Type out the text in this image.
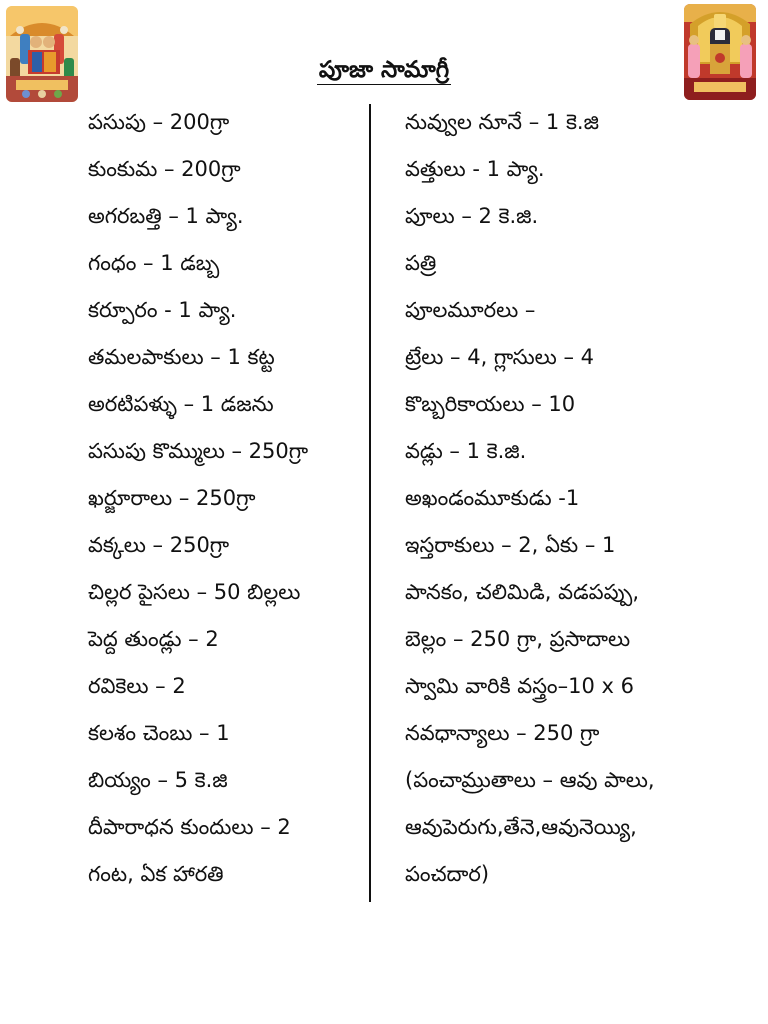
పూజా సామాగ్రీ
పసుపు – 200గ్రా
కుంకుమ – 200గ్రా
అగరబత్తి – 1 ప్యా.
గంధం – 1 డబ్బ
కర్పూరం - 1 ప్యా.
తమలపాకులు – 1 కట్ట
అరటిపళ్ళు – 1 డజను
పసుపు కొమ్ములు – 250గ్రా
ఖర్జూరాలు – 250గ్రా
వక్కలు – 250గ్రా
చిల్లర పైసలు – 50 బిల్లలు
పెద్ద తుండ్లు – 2
రవికెలు – 2
కలశం చెంబు – 1
బియ్యం – 5 కె.జి
దీపారాధన కుందులు – 2
గంట, ఏక హారతి
నువ్వుల నూనే – 1 కె.జి
వత్తులు - 1 ప్యా.
పూలు – 2 కె.జి.
పత్రి
పూలమూరలు –
ట్రేలు – 4, గ్లాసులు – 4
కొబ్బరికాయలు – 10
వడ్లు – 1 కె.జి.
అఖండంమూకుడు -1
ఇస్తరాకులు – 2, ఏకు – 1
పానకం, చలిమిడి, వడపప్పు,
బెల్లం – 250 గ్రా, ప్రసాదాలు
స్వామి వారికి వస్త్రం–10 x 6
నవధాన్యాలు – 250 గ్రా
(పంచామ్రుతాలు – ఆవు పాలు,
ఆవుపెరుగు,తేనె,ఆవునెయ్యి,
పంచదార)
